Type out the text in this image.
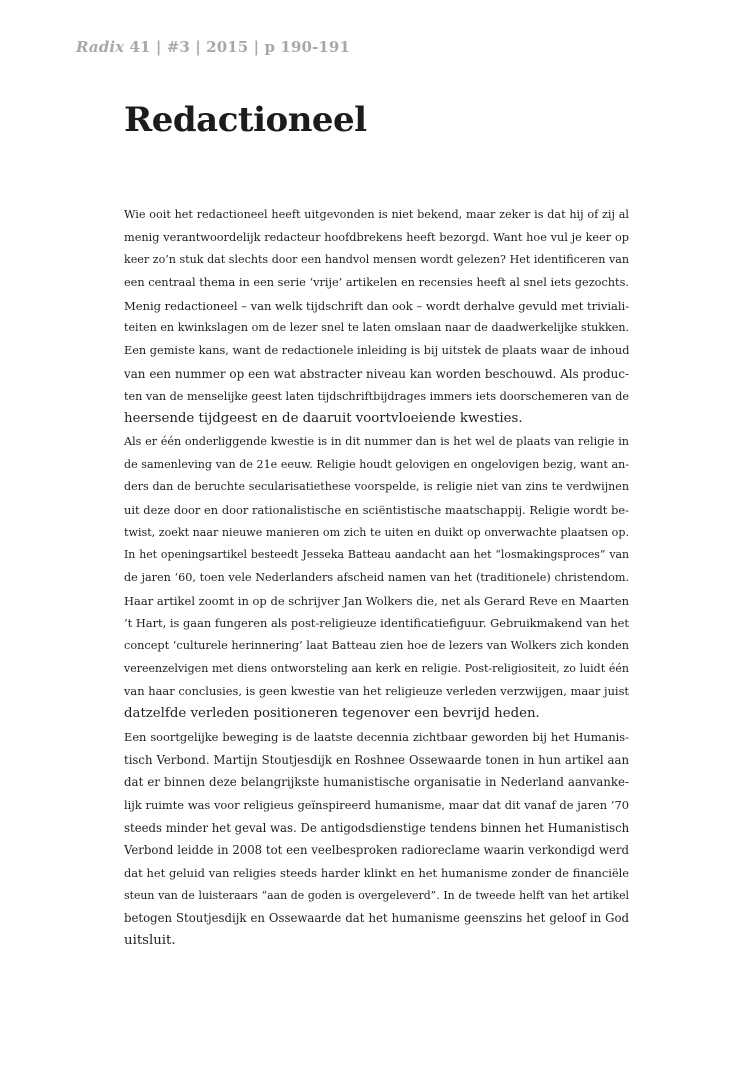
Radix 41 | #3 | 2015 | p 190-191
Redactioneel
Wie ooit het redactioneel heeft uitgevonden is niet bekend, maar zeker is dat hij of zij al
menig verantwoordelijk redacteur hoofdbrekens heeft bezorgd. Want hoe vul je keer op
keer zo’n stuk dat slechts door een handvol mensen wordt gelezen? Het identificeren van
een centraal thema in een serie ‘vrije’ artikelen en recensies heeft al snel iets gezochts.
Menig redactioneel – van welk tijdschrift dan ook – wordt derhalve gevuld met triviali-
teiten en kwinkslagen om de lezer snel te laten omslaan naar de daadwerkelijke stukken.
Een gemiste kans, want de redactionele inleiding is bij uitstek de plaats waar de inhoud
van een nummer op een wat abstracter niveau kan worden beschouwd. Als produc-
ten van de menselijke geest laten tijdschriftbijdrages immers iets doorschemeren van de
heersende tijdgeest en de daaruit voortvloeiende kwesties.
Als er één onderliggende kwestie is in dit nummer dan is het wel de plaats van religie in
de samenleving van de 21e eeuw. Religie houdt gelovigen en ongelovigen bezig, want an-
ders dan de beruchte secularisatiethese voorspelde, is religie niet van zins te verdwijnen
uit deze door en door rationalistische en sciëntistische maatschappij. Religie wordt be-
twist, zoekt naar nieuwe manieren om zich te uiten en duikt op onverwachte plaatsen op.
In het openingsartikel besteedt Jesseka Batteau aandacht aan het “losmakingsproces” van
de jaren ‘60, toen vele Nederlanders afscheid namen van het (traditionele) christendom.
Haar artikel zoomt in op de schrijver Jan Wolkers die, net als Gerard Reve en Maarten
’t Hart, is gaan fungeren als post-religieuze identificatiefiguur. Gebruikmakend van het
concept ‘culturele herinnering’ laat Batteau zien hoe de lezers van Wolkers zich konden
vereenzelvigen met diens ontworsteling aan kerk en religie. Post-religiositeit, zo luidt één
van haar conclusies, is geen kwestie van het religieuze verleden verzwijgen, maar juist
datzelfde verleden positioneren tegenover een bevrijd heden.
Een soortgelijke beweging is de laatste decennia zichtbaar geworden bij het Humanis-
tisch Verbond. Martijn Stoutjesdijk en Roshnee Ossewaarde tonen in hun artikel aan
dat er binnen deze belangrijkste humanistische organisatie in Nederland aanvanke-
lijk ruimte was voor religieus geïnspireerd humanisme, maar dat dit vanaf de jaren ’70
steeds minder het geval was. De antigodsdienstige tendens binnen het Humanistisch
Verbond leidde in 2008 tot een veelbesproken radioreclame waarin verkondigd werd
dat het geluid van religies steeds harder klinkt en het humanisme zonder de financiële
steun van de luisteraars “aan de goden is overgeleverd”. In de tweede helft van het artikel
betogen Stoutjesdijk en Ossewaarde dat het humanisme geenszins het geloof in God
uitsluit.
